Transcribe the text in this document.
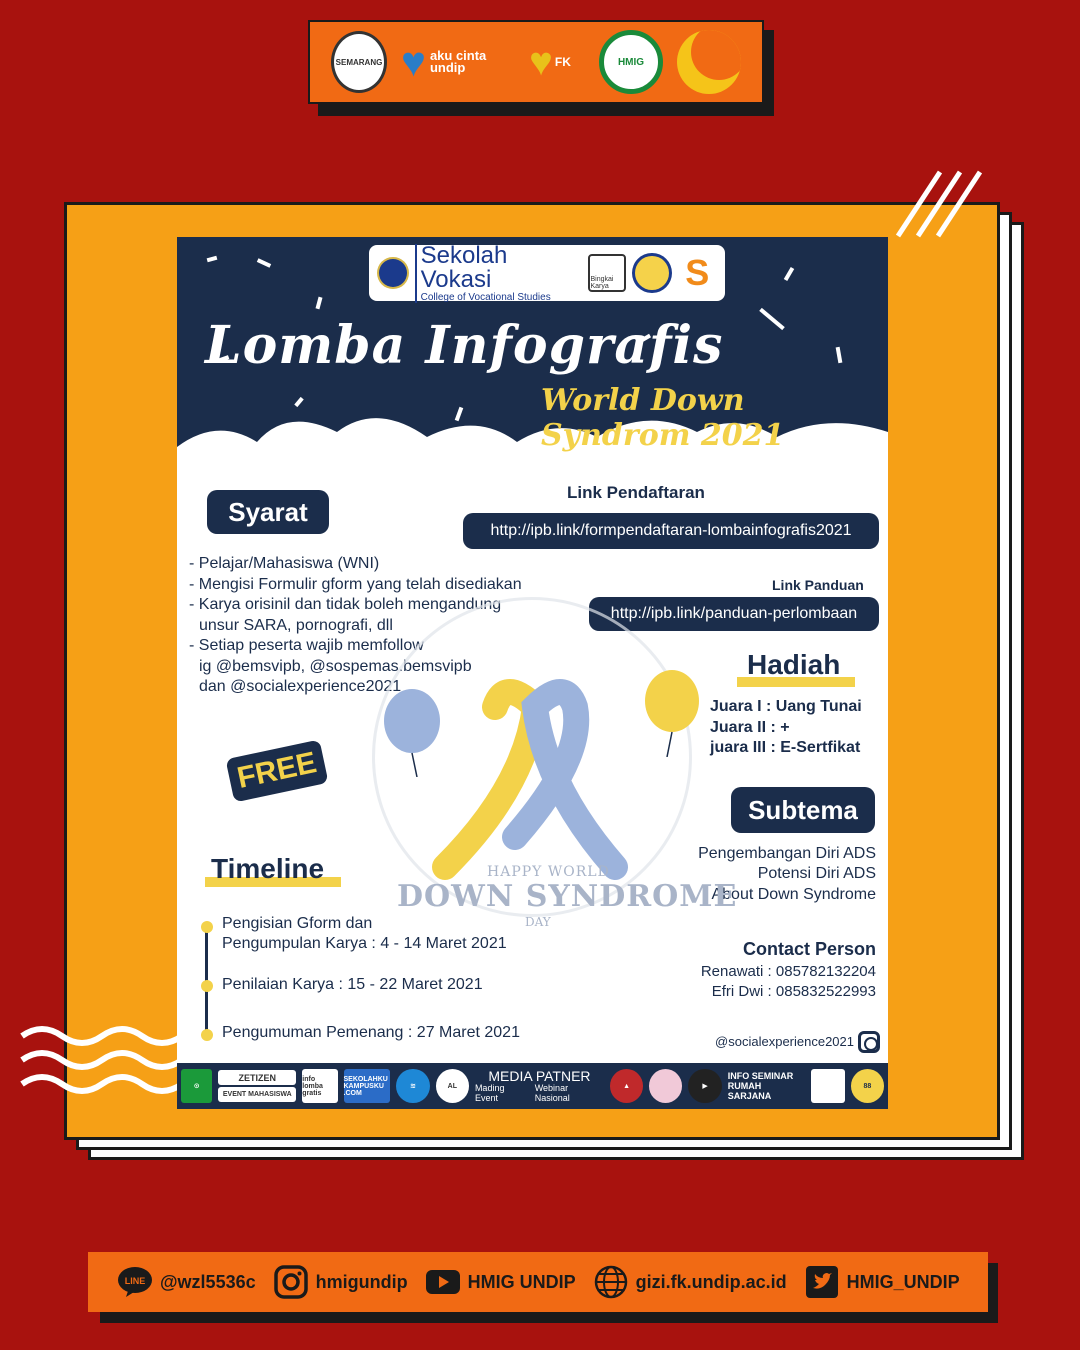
SEMARANG ♥ aku cinta undip	♥ FK	HMIG
Sekolah Vokasi
College of Vocational Studies
Bingkai Karya	S
Lomba Infografis
World Down Syndrom 2021
Syarat
- Pelajar/Mahasiswa (WNI)
- Mengisi Formulir gform yang telah disediakan
- Karya orisinil dan tidak boleh mengandung
unsur SARA, pornografi, dll
- Setiap peserta wajib memfollow
ig @bemsvipb, @sospemas.bemsvipb
dan @socialexperience2021
Link Pendaftaran
http://ipb.link/formpendaftaran-lombainfografis2021
Link Panduan
http://ipb.link/panduan-perlombaan
FREE
Hadiah
Juara I : Uang Tunai
Juara II : +
juara III : E-Sertfikat
Subtema
Pengembangan Diri ADS
Potensi Diri ADS
About Down Syndrome
HAPPY WORLD
DOWN SYNDROME
DAY
Timeline
Pengisian Gform dan
Pengumpulan Karya : 4 - 14 Maret 2021
Penilaian Karya : 15 - 22 Maret 2021
Pengumuman Pemenang : 27 Maret 2021
Contact Person
Renawati : 085782132204
Efri Dwi : 085832522993
@socialexperience2021
⊙
ZETIZEN
EVENT MAHASISWA
info lomba gratis
SEKOLAHKU KAMPUSKU .COM
≋	AL
MEDIA PATNER
Mading Event
Webinar Nasional
▲	▶
INFO SEMINAR
RUMAH SARJANA
88
LINE @wzl5536c	hmigundip	HMIG UNDIP	gizi.fk.undip.ac.id	HMIG_UNDIP
